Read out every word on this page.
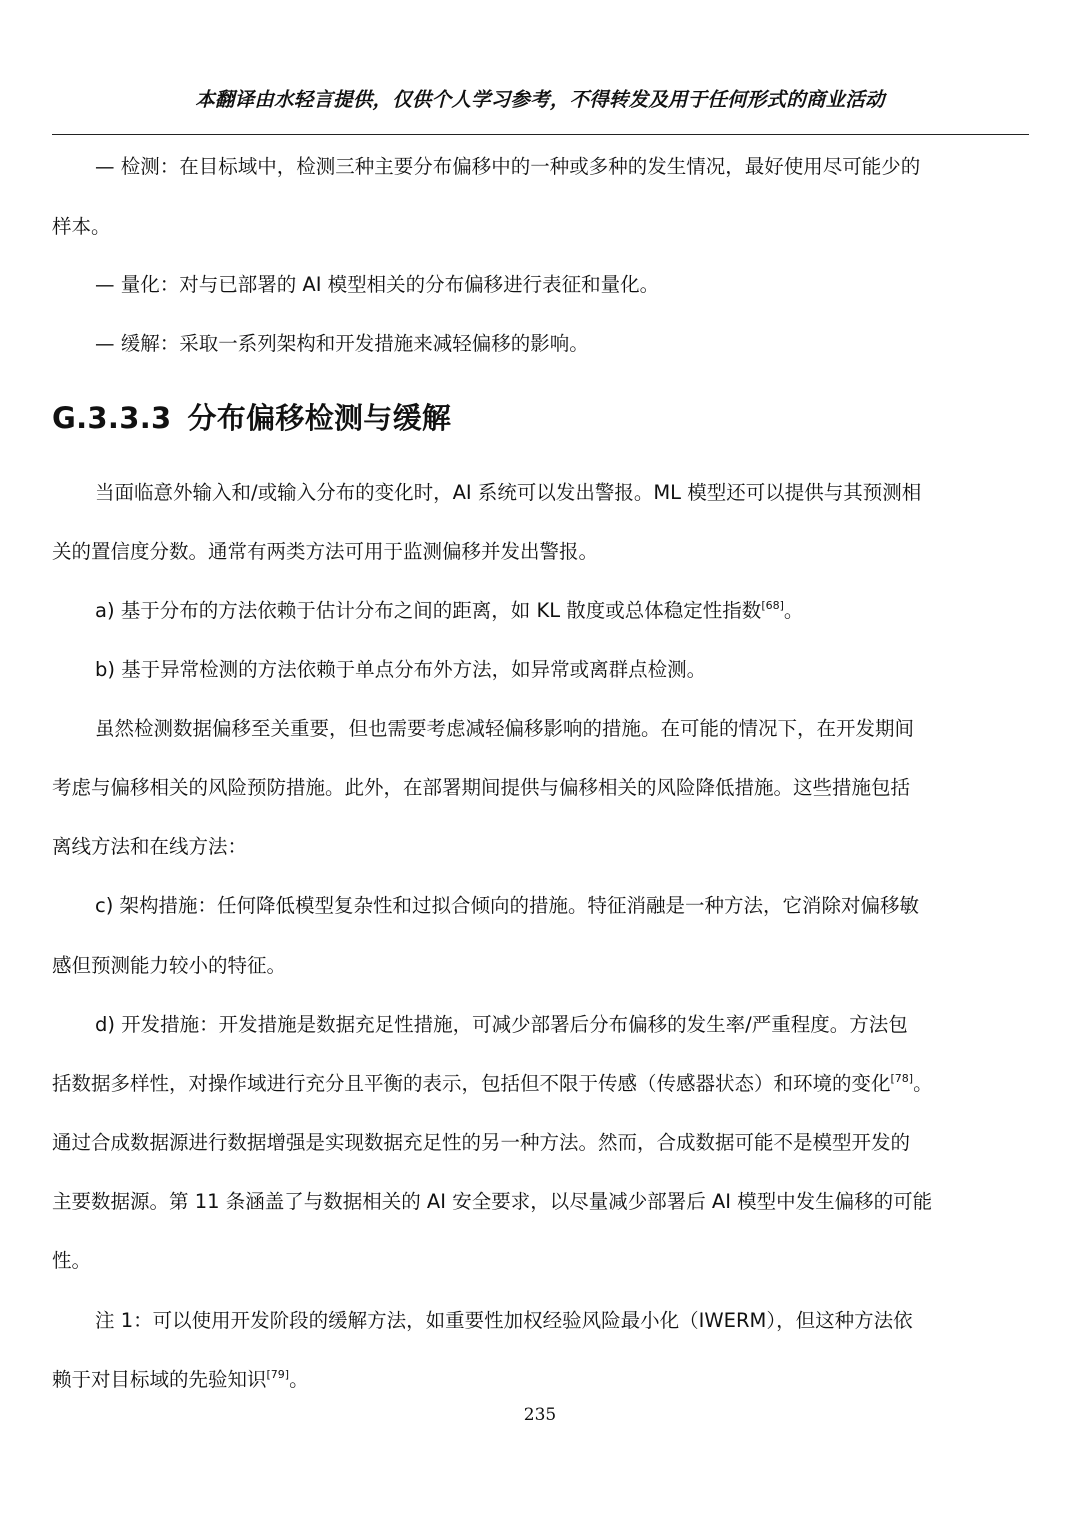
本翻译由水轻言提供，仅供个人学习参考，不得转发及用于任何形式的商业活动
— 检测：在目标域中，检测三种主要分布偏移中的一种或多种的发生情况，最好使用尽可能少的
样本。
— 量化：对与已部署的 AI 模型相关的分布偏移进行表征和量化。
— 缓解：采取一系列架构和开发措施来减轻偏移的影响。
G.3.3.3 分布偏移检测与缓解
当面临意外输入和/或输入分布的变化时，AI 系统可以发出警报。ML 模型还可以提供与其预测相
关的置信度分数。通常有两类方法可用于监测偏移并发出警报。
a) 基于分布的方法依赖于估计分布之间的距离，如 KL 散度或总体稳定性指数[68]。
b) 基于异常检测的方法依赖于单点分布外方法，如异常或离群点检测。
虽然检测数据偏移至关重要，但也需要考虑减轻偏移影响的措施。在可能的情况下，在开发期间
考虑与偏移相关的风险预防措施。此外，在部署期间提供与偏移相关的风险降低措施。这些措施包括
离线方法和在线方法：
c) 架构措施：任何降低模型复杂性和过拟合倾向的措施。特征消融是一种方法，它消除对偏移敏
感但预测能力较小的特征。
d) 开发措施：开发措施是数据充足性措施，可减少部署后分布偏移的发生率/严重程度。方法包
括数据多样性，对操作域进行充分且平衡的表示，包括但不限于传感（传感器状态）和环境的变化[78]。
通过合成数据源进行数据增强是实现数据充足性的另一种方法。然而，合成数据可能不是模型开发的
主要数据源。第 11 条涵盖了与数据相关的 AI 安全要求，以尽量减少部署后 AI 模型中发生偏移的可能
性。
注 1：可以使用开发阶段的缓解方法，如重要性加权经验风险最小化（IWERM），但这种方法依
赖于对目标域的先验知识[79]。
235
